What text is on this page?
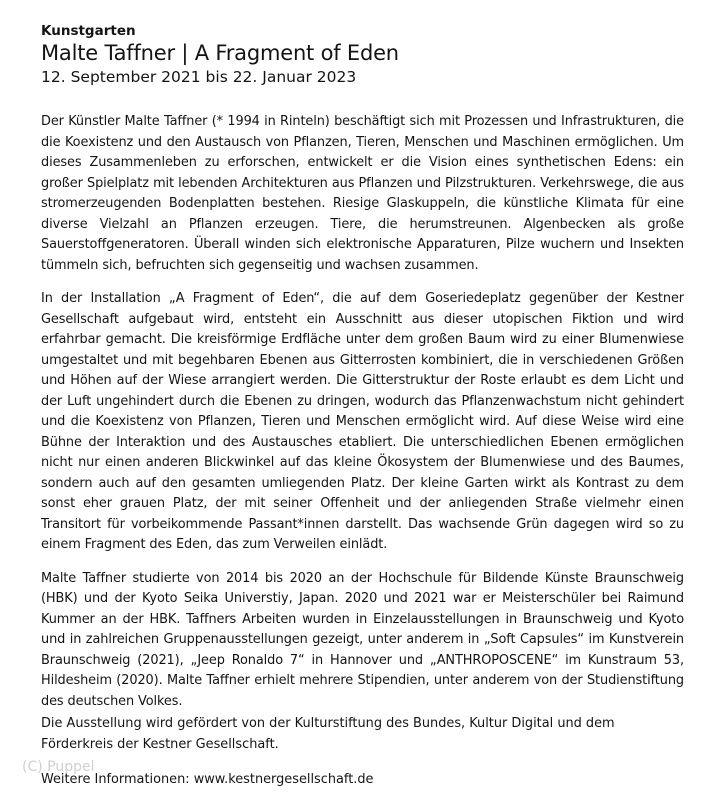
Kunstgarten
Malte Taffner | A Fragment of Eden
12. September 2021 bis 22. Januar 2023

Der Künstler Malte Taffner (* 1994 in Rinteln) beschäftigt sich mit Prozessen und Infrastrukturen, die die Koexistenz und den Austausch von Pflanzen, Tieren, Menschen und Maschinen ermöglichen. Um dieses Zusammenleben zu erforschen, entwickelt er die Vision eines synthetischen Edens: ein großer Spielplatz mit lebenden Architekturen aus Pflanzen und Pilzstrukturen. Verkehrswege, die aus stromerzeugenden Bodenplatten bestehen. Riesige Glaskuppeln, die künstliche Klimata für eine diverse Vielzahl an Pflanzen erzeugen. Tiere, die herumstreunen. Algenbecken als große Sauerstoffgeneratoren. Überall winden sich elektronische Apparaturen, Pilze wuchern und Insekten tümmeln sich, befruchten sich gegenseitig und wachsen zusammen.

In der Installation „A Fragment of Eden“, die auf dem Goseriedeplatz gegenüber der Kestner Gesellschaft aufgebaut wird, entsteht ein Ausschnitt aus dieser utopischen Fiktion und wird erfahrbar gemacht. Die kreisförmige Erdfläche unter dem großen Baum wird zu einer Blumenwiese umgestaltet und mit begehbaren Ebenen aus Gitterrosten kombiniert, die in verschiedenen Größen und Höhen auf der Wiese arrangiert werden. Die Gitterstruktur der Roste erlaubt es dem Licht und der Luft ungehindert durch die Ebenen zu dringen, wodurch das Pflanzenwachstum nicht gehindert und die Koexistenz von Pflanzen, Tieren und Menschen ermöglicht wird. Auf diese Weise wird eine Bühne der Interaktion und des Austausches etabliert. Die unterschiedlichen Ebenen ermöglichen nicht nur einen anderen Blickwinkel auf das kleine Ökosystem der Blumenwiese und des Baumes, sondern auch auf den gesamten umliegenden Platz. Der kleine Garten wirkt als Kontrast zu dem sonst eher grauen Platz, der mit seiner Offenheit und der anliegenden Straße vielmehr einen Transitort für vorbeikommende Passant*innen darstellt. Das wachsende Grün dagegen wird so zu einem Fragment des Eden, das zum Verweilen einlädt.

Malte Taffner studierte von 2014 bis 2020 an der Hochschule für Bildende Künste Braunschweig (HBK) und der Kyoto Seika Universtiy, Japan. 2020 und 2021 war er Meisterschüler bei Raimund Kummer an der HBK. Taffners Arbeiten wurden in Einzelausstellungen in Braunschweig und Kyoto und in zahlreichen Gruppenausstellungen gezeigt, unter anderem in „Soft Capsules“ im Kunstverein Braunschweig (2021), „Jeep Ronaldo 7“ in Hannover und „ANTHROPOSCENE“ im Kunstraum 53, Hildesheim (2020). Malte Taffner erhielt mehrere Stipendien, unter anderem von der Studienstiftung des deutschen Volkes.

Die Ausstellung wird gefördert von der Kulturstiftung des Bundes, Kultur Digital und dem Förderkreis der Kestner Gesellschaft.

Weitere Informationen: www.kestnergesellschaft.de

(C) Puppel
